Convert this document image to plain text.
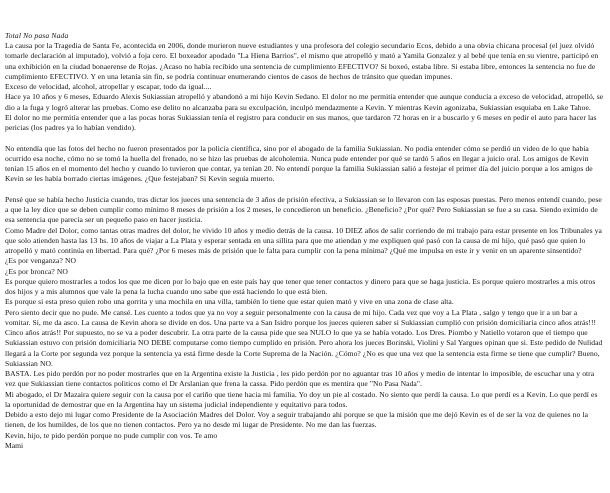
Total No pasa Nada

La causa por la Tragedia de Santa Fe, acontecida en 2006, donde murieron nueve estudiantes y una profesora del colegio secundario Ecos, debido a una obvia chicana procesal (el juez olvidó tomarle declaración al imputado), volvió a foja cero. El boxeador apodado "La Hiena Barrios", el mismo que atropelló y mató a Yamila Gonzalez y al bebé que tenía en su vientre, participó en una exhibición en la ciudad bonaerense de Rojas. ¿Acaso no había recibido una sentencia de cumplimiento EFECTIVO? Si boxeó, estaba libre. Si estaba libre, entonces la sentencia no fue de cumplimiento EFECTIVO. Y en una letanía sin fin, se podría continuar enumerando cientos de casos de hechos de tránsito que quedan impunes.

Exceso de velocidad, alcohol, atropellar y escapar, todo da igual....

Hace ya 10 años y 6 meses, Eduardo Alexis Sukiassian atropelló y abandonó a mi hijo Kevin Sedano. El dolor no me permitía entender que aunque conducía a exceso de velocidad, atropelló, se dio a la fuga y logró alterar las pruebas. Como ese delito no alcanzaba para su exculpación, inculpó mendazmente a Kevin. Y mientras Kevin agonizaba, Sukiassian esquiaba en Lake Tahoe.

El dolor no me permitía entender que a las pocas horas Sukiassian tenía el registro para conducir en sus manos, que tardaron 72 horas en ir a buscarlo y 6 meses en pedir el auto para hacer las pericias (los padres ya lo habían vendido).

No entendía que las fotos del hecho no fueron presentados por la policía científica, sino por el abogado de la familia Sukiassian. No podía entender cómo se perdió un video de lo que había ocurrido esa noche, cómo no se tomó la huella del frenado, no se hizo las pruebas de alcoholemia. Nunca pude entender por qué se tardó 5 años en llegar a juicio oral. Los amigos de Kevin tenían 15 años en el momento del hecho y cuando lo tuvieron que contar, ya tenían 20. No entendí porque la familia Sukiassian salió a festejar el primer día del juicio porque a los amigos de Kevin se les había borrado ciertas imágenes. ¿Que festejaban? Si Kevin seguía muerto.

Pensé que se había hecho Justicia cuando, tras dictar los jueces una sentencia de 3 años de prisión efectiva, a Sukiassian se lo llevaron con las esposas puestas. Pero menos entendí cuando, pese a que la ley dice que se deben cumplir como mínimo 8 meses de prisión a los 2 meses, le concedieron un beneficio. ¿Beneficio? ¿Por qué? Pero Sukiassian se fue a su casa. Siendo eximido de esa sentencia que parecía ser un pequeño paso en hacer justicia.

Como Madre del Dolor, como tantas otras madres del dolor, he vivido 10 años y medio detrás de la causa. 10 DIEZ años de salir corriendo de mi trabajo para estar presente en los Tribunales ya que solo atienden hasta las 13 hs. 10 años de viajar a La Plata y esperar sentada en una sillita para que me atiendan y me expliquen qué pasó con la causa de mi hijo, qué pasó que quien lo atropelló y mató continúa en libertad. Para qué? ¿Por 6 meses más de prisión que le falta para cumplir con la pena mínima? ¿Qué me impulsa en este ir y venir en un aparente sinsentido?

¿Es por venganza? NO

¿Es por bronca? NO

Es porque quiero mostrarles a todos los que me dicen por lo bajo que en este país hay que tener que tener contactos y dinero para que se haga justicia. Es porque quiero mostrarles a mis otros dos hijos y a mis alumnos que vale la pena la lucha cuando uno sabe que está haciendo lo que está bien.

Es porque si esta preso quien robo una gorrita y una mochila en una villa, también lo tiene que estar quien mató y vive en una zona de clase alta.

Pero siento decir que no pude. Me cansé. Les cuento a todos que ya no voy a seguir personalmente con la causa de mi hijo. Cada vez que voy a La Plata , salgo y tengo que ir a un bar a vomitar. Si, me da asco. La causa de Kevin ahora se divide en dos. Una parte va a San Isidro porque los jueces quieren saber si Sukiassian cumplió con prisión domiciliaria cinco años atrás!!! Cinco años atrás!! Por supuesto, no se va a poder descubrir. La otra parte de la causa pide que sea NULO lo que ya se había votado. Los Dres. Piombo y Natiello votaron que el tiempo que Sukiassian estuvo con prisión domiciliaria NO DEBE computarse como tiempo cumplido en prisión. Pero ahora los jueces Borinski, Violini y Sal Yargues opinan que si. Este pedido de Nulidad llegará a la Corte por segunda vez porque la sentencia ya está firme desde la Corte Suprema de la Nación. ¿Cómo? ¿No es que una vez que la sentencia esta firme se tiene que cumplir? Bueno, Sukiassian NO.

BASTA. Les pido perdón por no poder mostrarles que en la Argentina existe la Justicia , les pido perdón por no aguantar tras 10 años y medio de intentar lo imposible, de escuchar una y otra vez que Sukiassian tiene contactos politicos como el Dr Arslanian que frena la cassa. Pido perdón que es mentira que "No Pasa Nada".

Mi abogado, el Dr Mazaira quiere seguir con la causa por el cariño que tiene hacia mi familia. Yo doy un pie al costado. No siento que perdí la causa. Lo que perdí es a Kevin. Lo que perdí es la oportunidad de demostrar que en la Argentina hay un sistema judicial independiente y equitativo para todos.

Debido a esto dejo mi lugar como Presidente de la Asociación Madres del Dolor. Voy a seguir trabajando ahi porque se que la misión que me dejó Kevin es el de ser la voz de quienes no la tienen, de los humildes, de los que no tienen contactos. Pero ya no desde mi lugar de Presidente. No me dan las fuerzas.

Kevin, hijo, te pido perdón porque no pude cumplir con vos. Te amo

Mami
